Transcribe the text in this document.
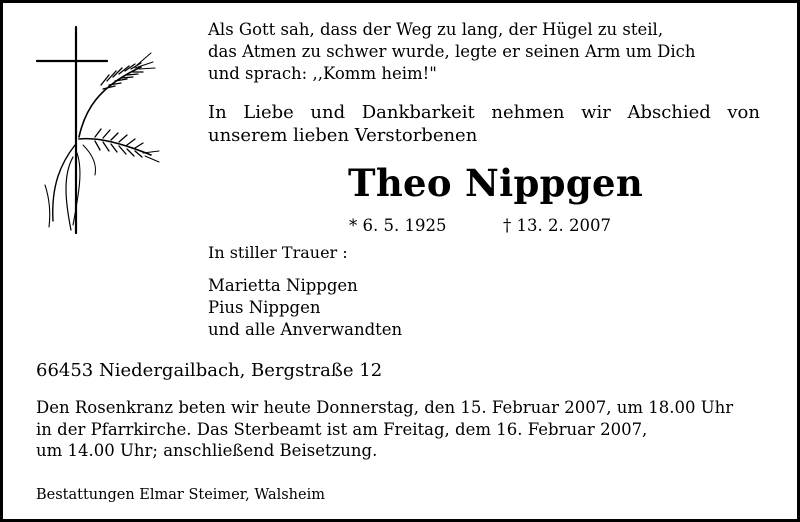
Als Gott sah, dass der Weg zu lang, der Hügel zu steil,
das Atmen zu schwer wurde, legte er seinen Arm um Dich
und sprach: ,,Komm heim!"
In Liebe und Dankbarkeit nehmen wir Abschied von unserem lieben Verstorbenen
Theo Nippgen
* 6. 5. 1925	† 13. 2. 2007
In stiller Trauer :
Marietta Nippgen
Pius Nippgen
und alle Anverwandten
66453 Niedergailbach, Bergstraße 12
Den Rosenkranz beten wir heute Donnerstag, den 15. Februar 2007, um 18.00 Uhr
in der Pfarrkirche. Das Sterbeamt ist am Freitag, dem 16. Februar 2007,
um 14.00 Uhr; anschließend Beisetzung.
Bestattungen Elmar Steimer, Walsheim
